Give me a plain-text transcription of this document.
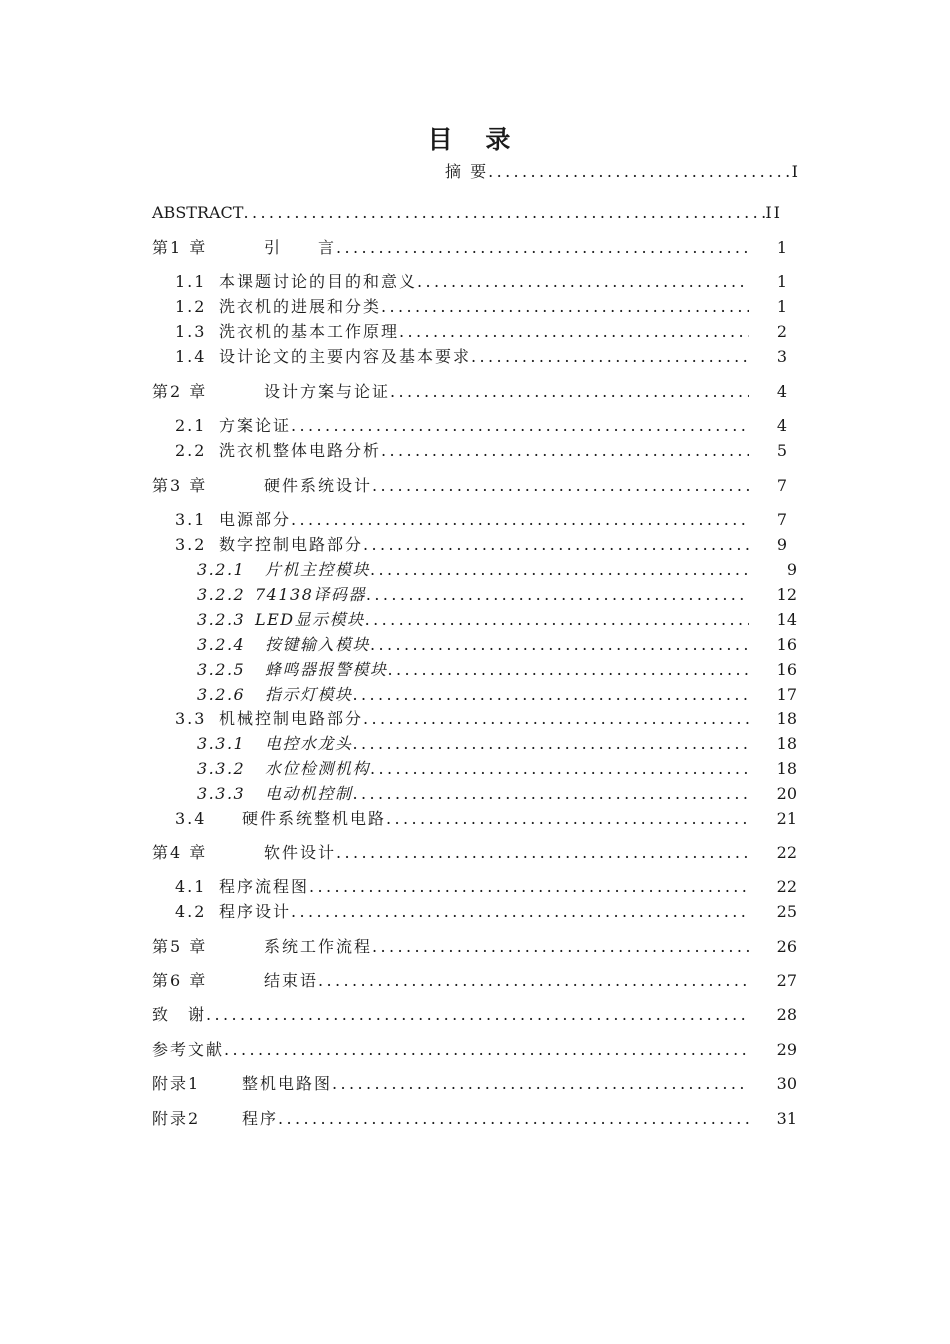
目 录
摘 要 .....	I
ABSTRACT .....	II
第1 章	引　　言 .....	1
1.1 本课题讨论的目的和意义 .....	1
1.2 洗衣机的进展和分类 .....	1
1.3 洗衣机的基本工作原理 .....	2
1.4 设计论文的主要内容及基本要求 .....	3
第2 章	设计方案与论证 .....	4
2.1 方案论证 .....	4
2.2 洗衣机整体电路分析 .....	5
第3 章	硬件系统设计 .....	7
3.1 电源部分 .....	7
3.2 数字控制电路部分 .....	9
3.2.1 片机主控模块 .....	9
3.2.2 74138译码器 .....	12
3.2.3 LED显示模块 .....	14
3.2.4 按键输入模块 .....	16
3.2.5 蜂鸣器报警模块 .....	16
3.2.6 指示灯模块 .....	17
3.3 机械控制电路部分 .....	18
3.3.1 电控水龙头 .....	18
3.3.2 水位检测机构 .....	18
3.3.3 电动机控制 .....	20
3.4 硬件系统整机电路 .....	21
第4 章	软件设计 .....	22
4.1 程序流程图 .....	22
4.2 程序设计 .....	25
第5 章	系统工作流程 .....	26
第6 章	结束语 .....	27
致　谢 .....	28
参考文献 .....	29
附录1	整机电路图 .....	30
附录2	程序 .....	31
